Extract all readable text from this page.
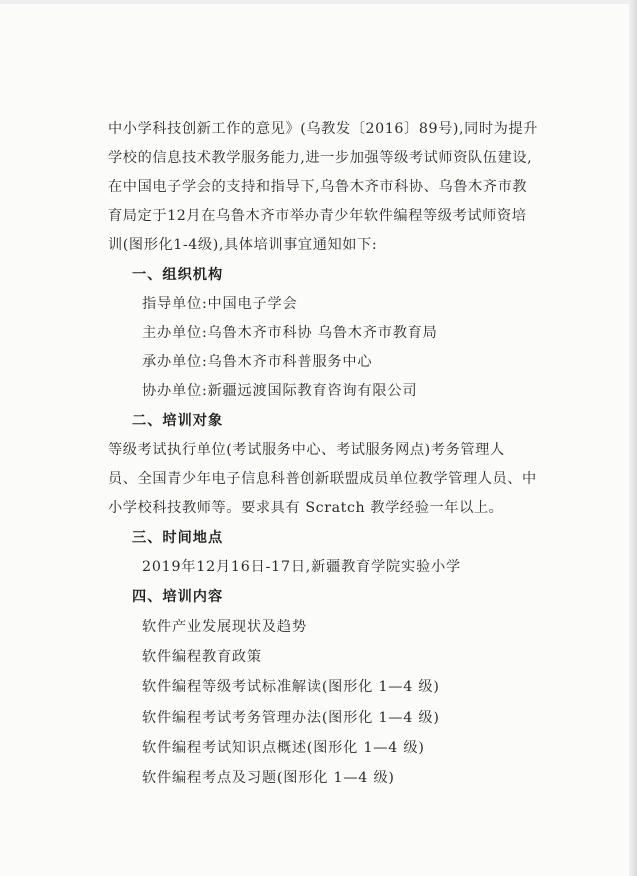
中小学科技创新工作的意见》(乌教发〔2016〕89号),同时为提升
学校的信息技术教学服务能力,进一步加强等级考试师资队伍建设,
在中国电子学会的支持和指导下,乌鲁木齐市科协、乌鲁木齐市教
育局定于12月在乌鲁木齐市举办青少年软件编程等级考试师资培
训(图形化1-4级),具体培训事宜通知如下:

一、组织机构

指导单位:中国电子学会

主办单位:乌鲁木齐市科协 乌鲁木齐市教育局

承办单位:乌鲁木齐市科普服务中心

协办单位:新疆远渡国际教育咨询有限公司

二、培训对象

等级考试执行单位(考试服务中心、考试服务网点)考务管理人
员、全国青少年电子信息科普创新联盟成员单位教学管理人员、中
小学校科技教师等。要求具有 Scratch 教学经验一年以上。

三、时间地点

2019年12月16日-17日,新疆教育学院实验小学

四、培训内容

软件产业发展现状及趋势

软件编程教育政策

软件编程等级考试标准解读(图形化 1—4 级)

软件编程考试考务管理办法(图形化 1—4 级)

软件编程考试知识点概述(图形化 1—4 级)

软件编程考点及习题(图形化 1—4 级)
